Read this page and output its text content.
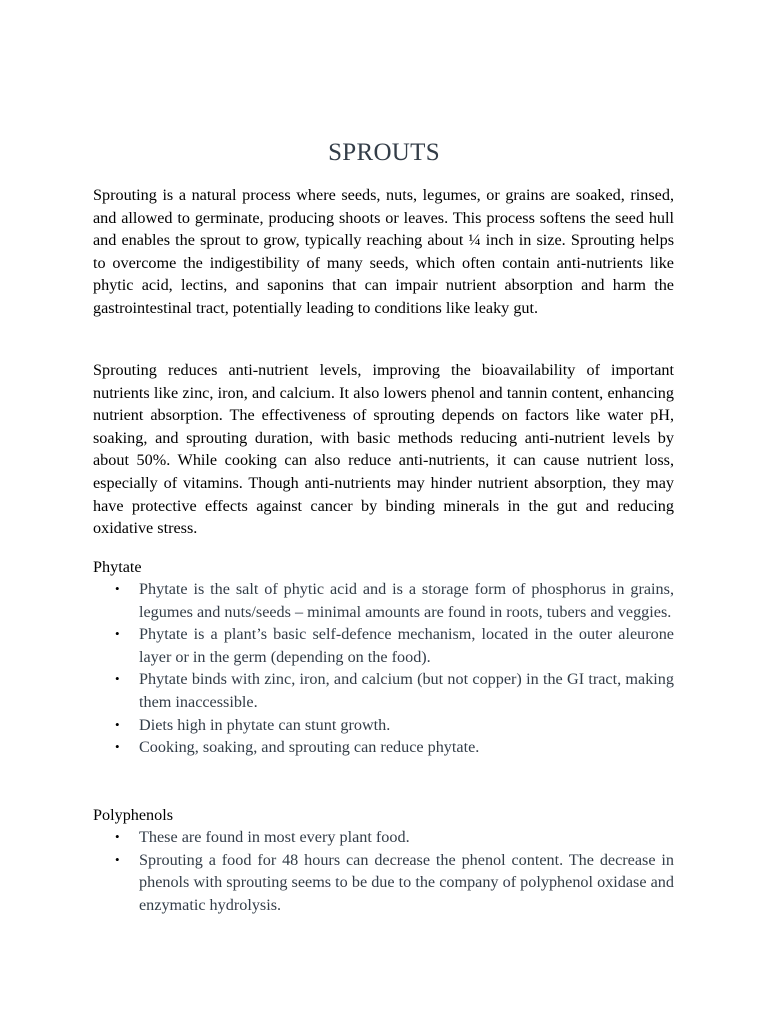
SPROUTS

Sprouting is a natural process where seeds, nuts, legumes, or grains are soaked, rinsed, and allowed to germinate, producing shoots or leaves. This process softens the seed hull and enables the sprout to grow, typically reaching about ¼ inch in size. Sprouting helps to overcome the indigestibility of many seeds, which often contain anti-nutrients like phytic acid, lectins, and saponins that can impair nutrient absorption and harm the gastrointestinal tract, potentially leading to conditions like leaky gut.

Sprouting reduces anti-nutrient levels, improving the bioavailability of important nutrients like zinc, iron, and calcium. It also lowers phenol and tannin content, enhancing nutrient absorption. The effectiveness of sprouting depends on factors like water pH, soaking, and sprouting duration, with basic methods reducing anti-nutrient levels by about 50%. While cooking can also reduce anti-nutrients, it can cause nutrient loss, especially of vitamins. Though anti-nutrients may hinder nutrient absorption, they may have protective effects against cancer by binding minerals in the gut and reducing oxidative stress.

Phytate

• Phytate is the salt of phytic acid and is a storage form of phosphorus in grains, legumes and nuts/seeds – minimal amounts are found in roots, tubers and veggies.
• Phytate is a plant’s basic self-defence mechanism, located in the outer aleurone layer or in the germ (depending on the food).
• Phytate binds with zinc, iron, and calcium (but not copper) in the GI tract, making them inaccessible.
• Diets high in phytate can stunt growth.
• Cooking, soaking, and sprouting can reduce phytate.

Polyphenols

• These are found in most every plant food.
• Sprouting a food for 48 hours can decrease the phenol content. The decrease in phenols with sprouting seems to be due to the company of polyphenol oxidase and enzymatic hydrolysis.
